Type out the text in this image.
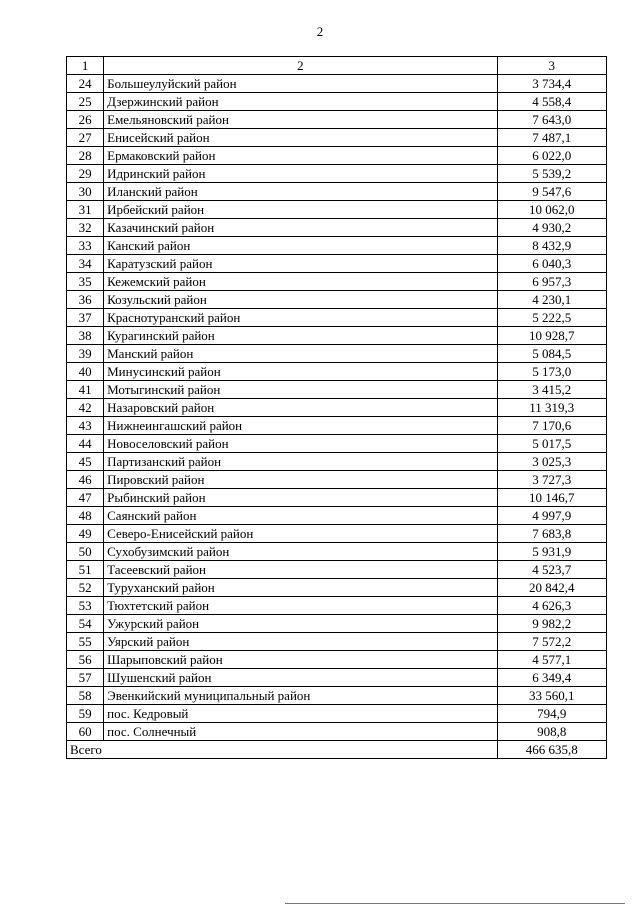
2
1	2	3
24	Большеулуйский район	3 734,4
25	Дзержинский район	4 558,4
26	Емельяновский район	7 643,0
27	Енисейский район	7 487,1
28	Ермаковский район	6 022,0
29	Идринский район	5 539,2
30	Иланский район	9 547,6
31	Ирбейский район	10 062,0
32	Казачинский район	4 930,2
33	Канский район	8 432,9
34	Каратузский район	6 040,3
35	Кежемский район	6 957,3
36	Козульский район	4 230,1
37	Краснотуранский район	5 222,5
38	Курагинский район	10 928,7
39	Манский район	5 084,5
40	Минусинский район	5 173,0
41	Мотыгинский район	3 415,2
42	Назаровский район	11 319,3
43	Нижнеингашский район	7 170,6
44	Новоселовский район	5 017,5
45	Партизанский район	3 025,3
46	Пировский район	3 727,3
47	Рыбинский район	10 146,7
48	Саянский район	4 997,9
49	Северо-Енисейский район	7 683,8
50	Сухобузимский район	5 931,9
51	Тасеевский район	4 523,7
52	Туруханский район	20 842,4
53	Тюхтетский район	4 626,3
54	Ужурский район	9 982,2
55	Уярский район	7 572,2
56	Шарыповский район	4 577,1
57	Шушенский район	6 349,4
58	Эвенкийский муниципальный район	33 560,1
59	пос. Кедровый	794,9
60	пос. Солнечный	908,8
Всего		466 635,8
